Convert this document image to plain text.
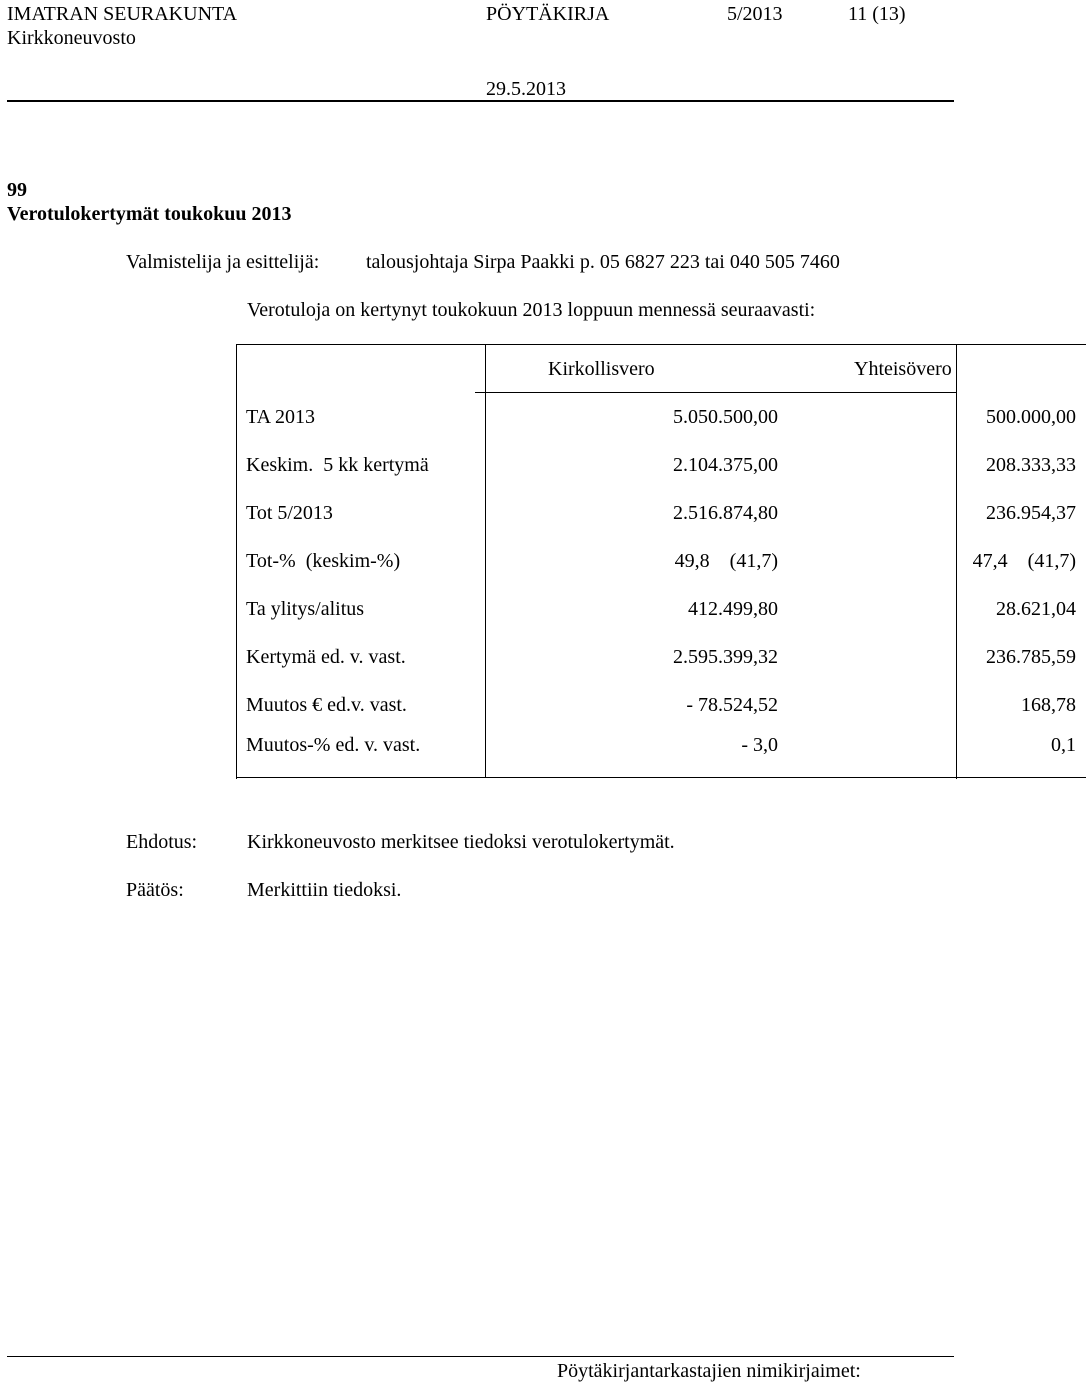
IMATRAN SEURAKUNTA	PÖYTÄKIRJA	5/2013	11 (13)
Kirkkoneuvosto
29.5.2013
99
Verotulokertymät toukokuu 2013
Valmistelija ja esittelijä: talousjohtaja Sirpa Paakki p. 05 6827 223 tai 040 505 7460
Verotuloja on kertynyt toukokuun 2013 loppuun mennessä seuraavasti:
	Kirkollisvero	Yhteisövero
TA 2013	5.050.500,00	500.000,00
Keskim.  5 kk kertymä	2.104.375,00	208.333,33
Tot 5/2013	2.516.874,80	236.954,37
Tot-%  (keskim-%)	49,8    (41,7)	47,4    (41,7)
Ta ylitys/alitus	412.499,80	28.621,04
Kertymä ed. v. vast.	2.595.399,32	236.785,59
Muutos € ed.v. vast.	- 78.524,52	168,78
Muutos-% ed. v. vast.	- 3,0	0,1
Ehdotus: Kirkkoneuvosto merkitsee tiedoksi verotulokertymät.
Päätös:	Merkittiin tiedoksi.
Pöytäkirjantarkastajien nimikirjaimet:
